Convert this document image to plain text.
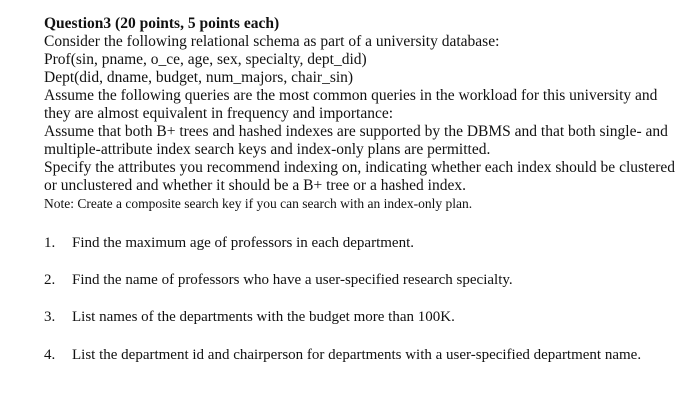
Question3 (20 points, 5 points each)

Consider the following relational schema as part of a university database:

Prof(sin, pname, o_ce, age, sex, specialty, dept_did)

Dept(did, dname, budget, num_majors, chair_sin)

Assume the following queries are the most common queries in the workload for this university and they are almost equivalent in frequency and importance:

Assume that both B+ trees and hashed indexes are supported by the DBMS and that both single- and multiple-attribute index search keys and index-only plans are permitted.

Specify the attributes you recommend indexing on, indicating whether each index should be clustered or unclustered and whether it should be a B+ tree or a hashed index.

Note: Create a composite search key if you can search with an index-only plan.

1. Find the maximum age of professors in each department.
2. Find the name of professors who have a user-specified research specialty.
3. List names of the departments with the budget more than 100K.
4. List the department id and chairperson for departments with a user-specified department name.
